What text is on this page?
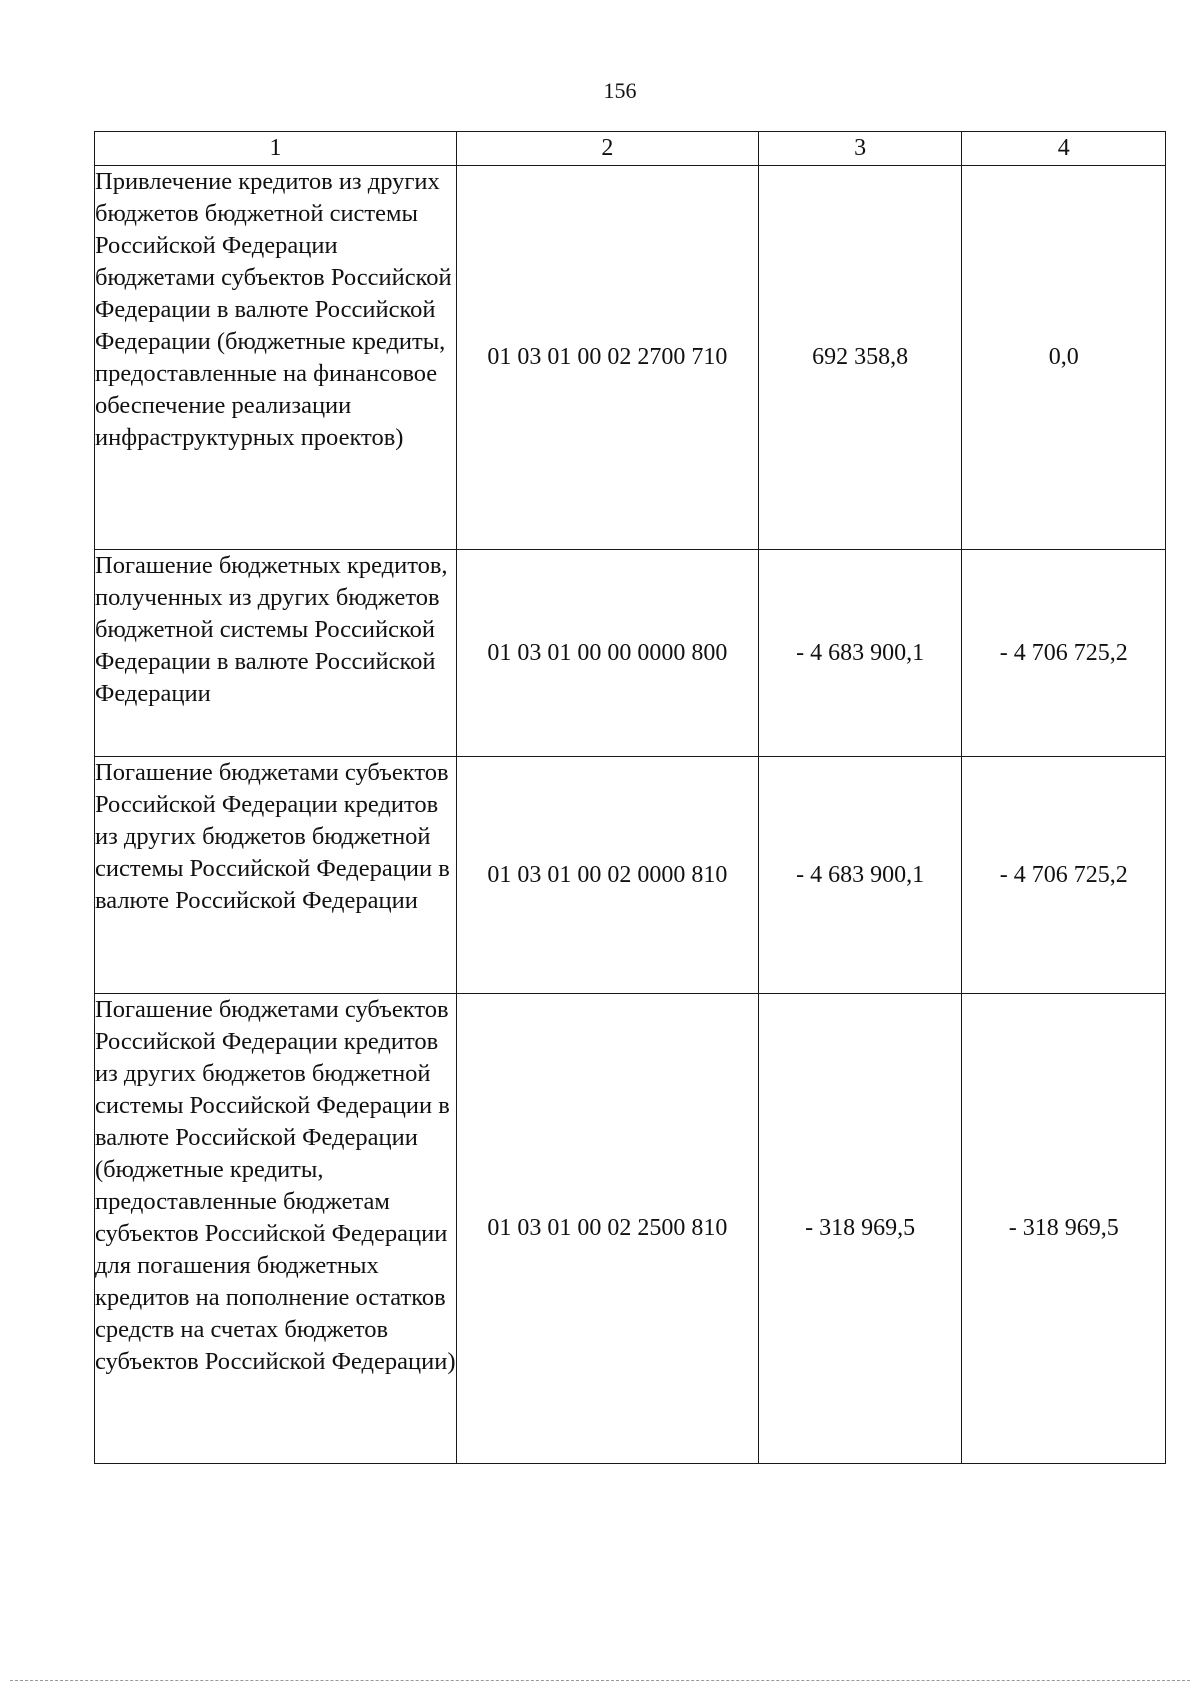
156
1	2	3	4
Привлечение кредитов из других бюджетов бюджетной системы Российской Федерации бюджетами субъектов Российской Федерации в валюте Российской Федерации (бюджетные кредиты, предоставленные на финансовое обеспечение реализации инфраструктурных проектов)	01 03 01 00 02 2700 710	692 358,8	0,0
Погашение бюджетных кредитов, полученных из других бюджетов бюджетной системы Российской Федерации в валюте Российской Федерации	01 03 01 00 00 0000 800	- 4 683 900,1	- 4 706 725,2
Погашение бюджетами субъектов Российской Федерации кредитов из других бюджетов бюджетной системы Российской Федерации в валюте Российской Федерации	01 03 01 00 02 0000 810	- 4 683 900,1	- 4 706 725,2
Погашение бюджетами субъектов Российской Федерации кредитов из других бюджетов бюджетной системы Российской Федерации в валюте Российской Федерации (бюджетные кредиты, предоставленные бюджетам субъектов Российской Федерации для погашения бюджетных кредитов на пополнение остатков средств на счетах бюджетов субъектов Российской Федерации)	01 03 01 00 02 2500 810	- 318 969,5	- 318 969,5
